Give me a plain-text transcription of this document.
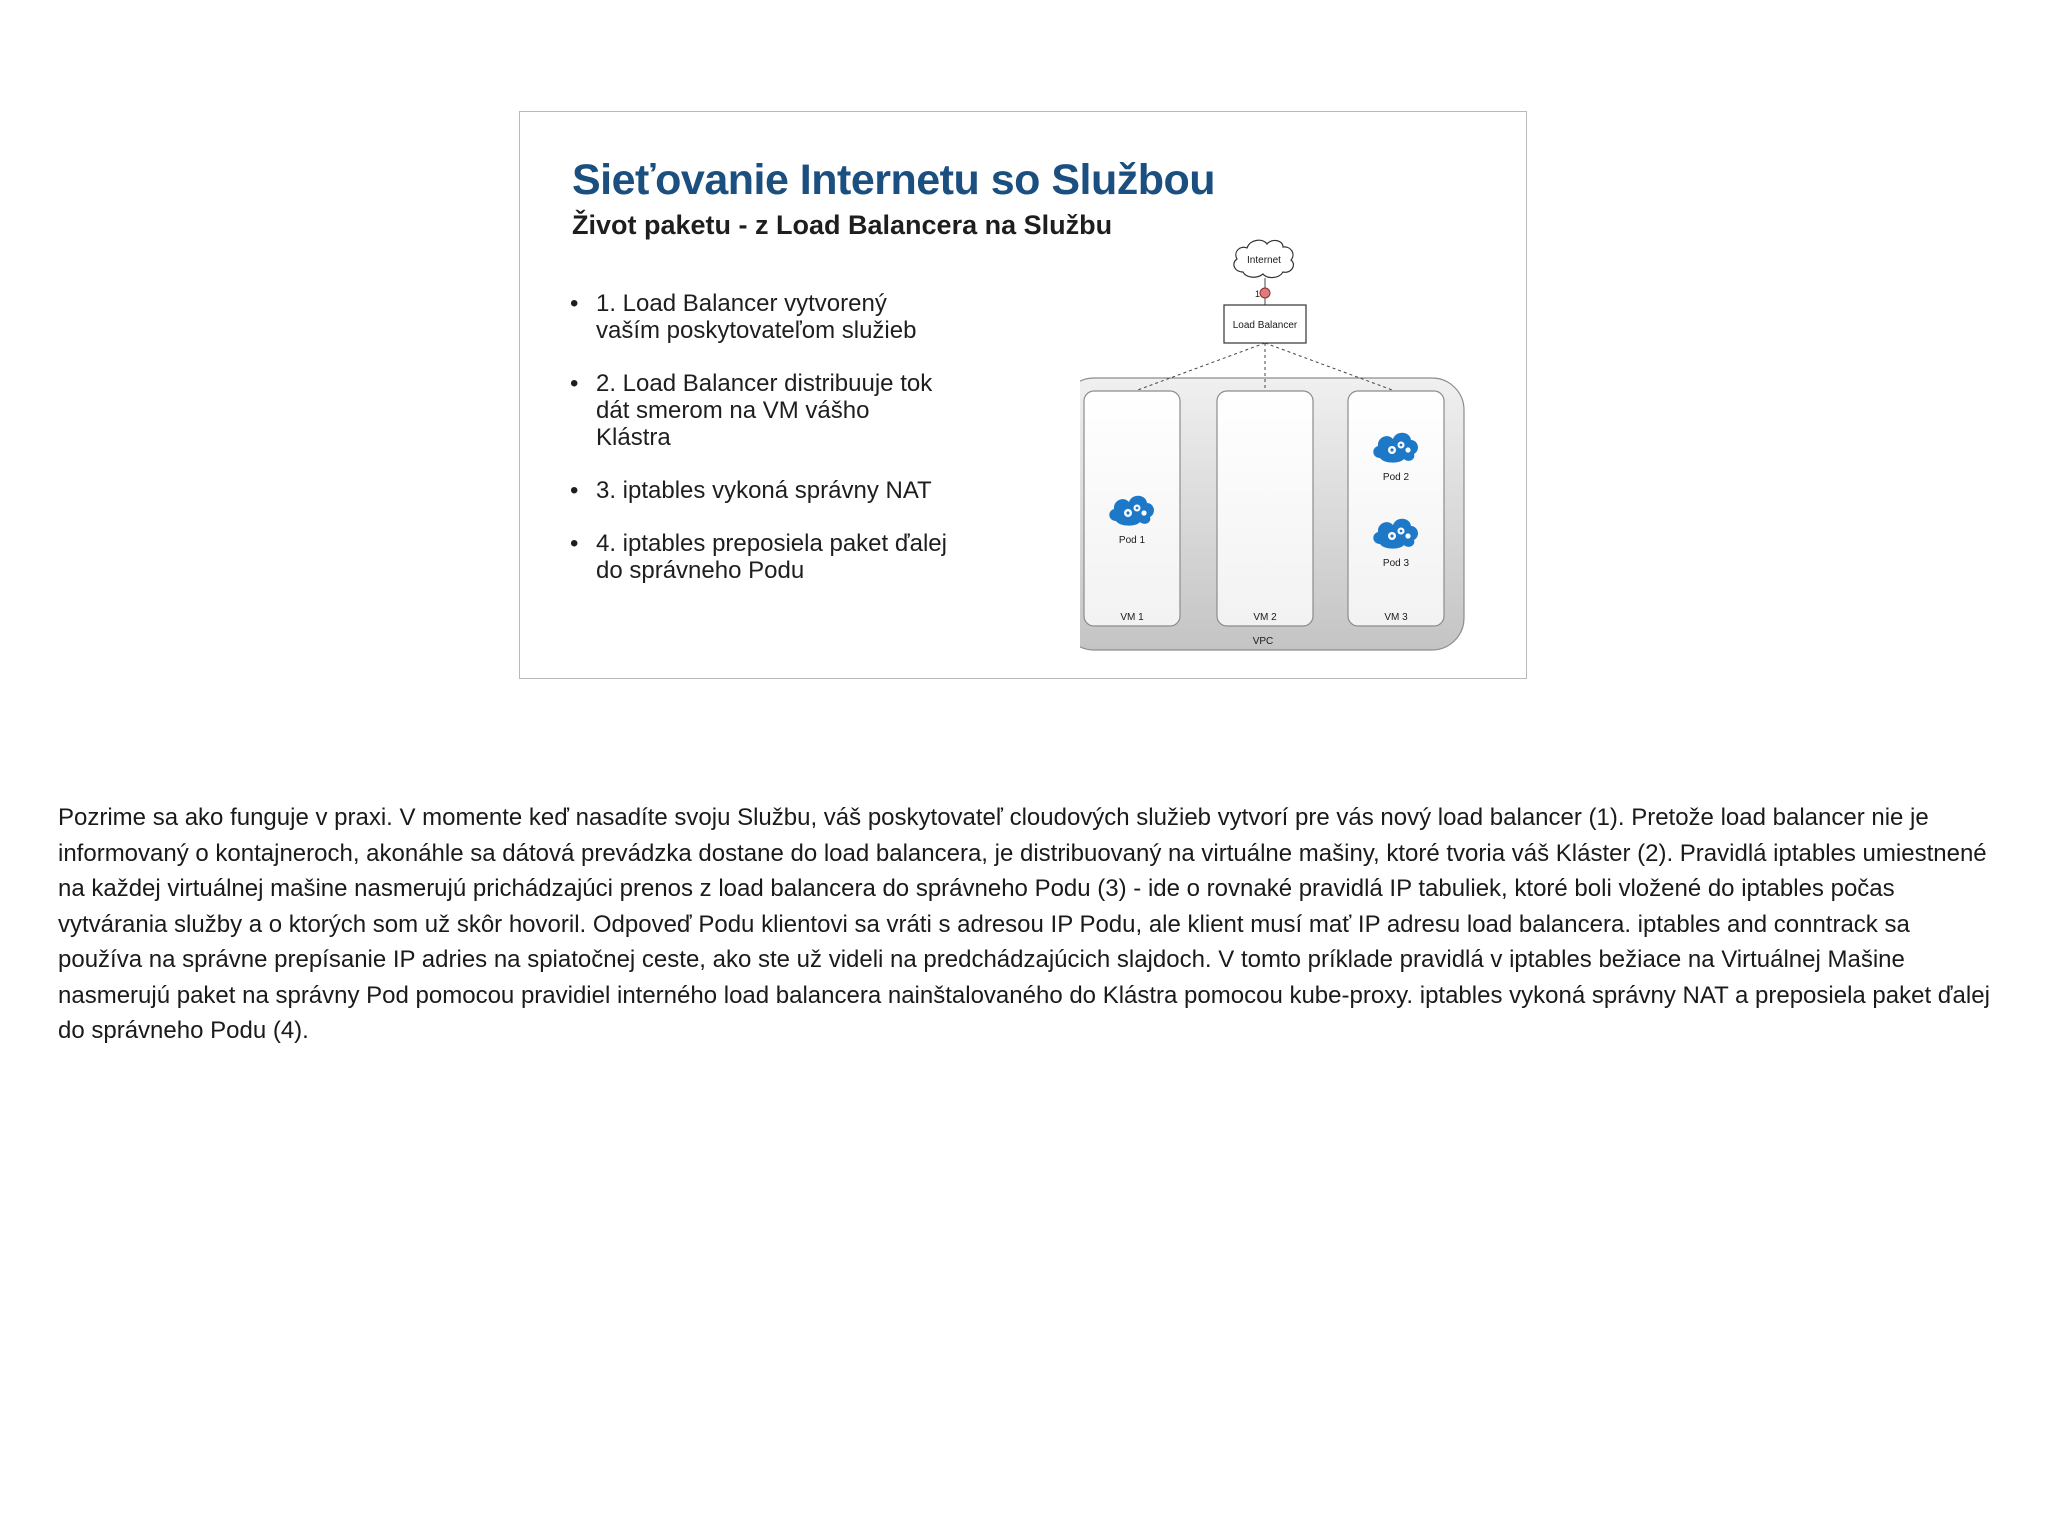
Sieťovanie Internetu so Službou
Život paketu - z Load Balancera na Službu
• 1. Load Balancer vytvorený vaším poskytovateľom služieb
• 2. Load Balancer distribuuje tok dát smerom na VM vášho Klástra
• 3. iptables vykoná správny NAT
• 4. iptables preposiela paket ďalej do správneho Podu
Internet
1
Load Balancer
VPC
VM 1	VM 2	VM 3
Pod 1
Pod 2
Pod 3

Pozrime sa ako funguje v praxi. V momente keď nasadíte svoju Službu, váš poskytovateľ cloudových služieb vytvorí pre vás nový load balancer (1). Pretože load balancer nie je informovaný o kontajneroch, akonáhle sa dátová prevádzka dostane do load balancera, je distribuovaný na virtuálne mašiny, ktoré tvoria váš Kláster (2). Pravidlá iptables umiestnené na každej virtuálnej mašine nasmerujú prichádzajúci prenos z load balancera do správneho Podu (3) - ide o rovnaké pravidlá IP tabuliek, ktoré boli vložené do iptables počas vytvárania služby a o ktorých som už skôr hovoril. Odpoveď Podu klientovi sa vráti s adresou IP Podu, ale klient musí mať IP adresu load balancera. iptables and conntrack sa používa na správne prepísanie IP adries na spiatočnej ceste, ako ste už videli na predchádzajúcich slajdoch. V tomto príklade pravidlá v iptables bežiace na Virtuálnej Mašine nasmerujú paket na správny Pod pomocou pravidiel interného load balancera nainštalovaného do Klástra pomocou kube-proxy. iptables vykoná správny NAT a preposiela paket ďalej do správneho Podu (4).
